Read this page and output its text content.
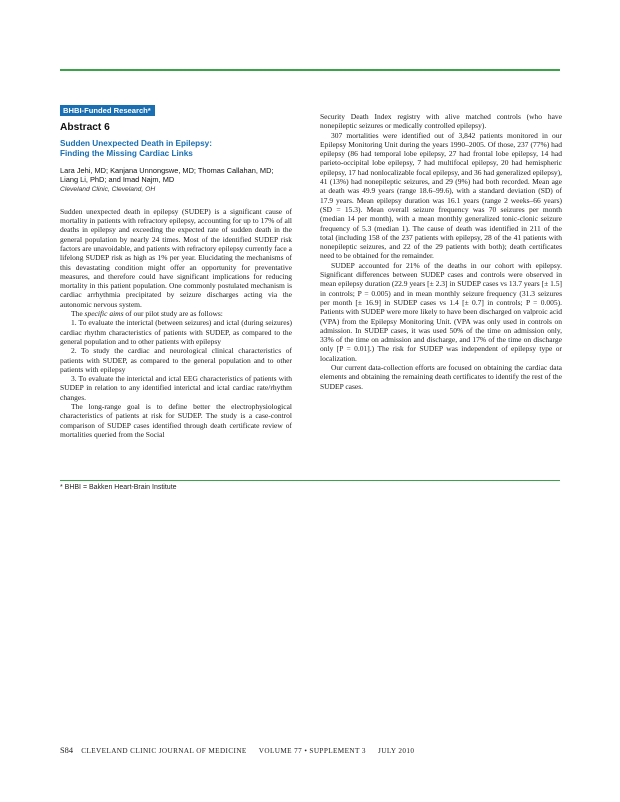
BHBI-Funded Research*
Abstract 6
Sudden Unexpected Death in Epilepsy:
Finding the Missing Cardiac Links
Lara Jehi, MD; Kanjana Unnongswe, MD; Thomas Callahan, MD;
Liang Li, PhD; and Imad Najm, MD
Cleveland Clinic, Cleveland, OH

Sudden unexpected death in epilepsy (SUDEP) is a significant cause of mortality in patients with refractory epilepsy, accounting for up to 17% of all deaths in epilepsy and exceeding the expected rate of sudden death in the general population by nearly 24 times. Most of the identified SUDEP risk factors are unavoidable, and patients with refractory epilepsy currently face a lifelong SUDEP risk as high as 1% per year. Elucidating the mechanisms of this devastating condition might offer an opportunity for preventative measures, and therefore could have significant implications for reducing mortality in this patient population. One commonly postulated mechanism is cardiac arrhythmia precipitated by seizure discharges acting via the autonomic nervous system.

The specific aims of our pilot study are as follows:

1. To evaluate the interictal (between seizures) and ictal (during seizures) cardiac rhythm characteristics of patients with SUDEP, as compared to the general population and to other patients with epilepsy

2. To study the cardiac and neurological clinical characteristics of patients with SUDEP, as compared to the general population and to other patients with epilepsy

3. To evaluate the interictal and ictal EEG characteristics of patients with SUDEP in relation to any identified interictal and ictal cardiac rate/rhythm changes.

The long-range goal is to define better the electrophysiological characteristics of patients at risk for SUDEP. The study is a case-control comparison of SUDEP cases identified through death certificate review of mortalities queried from the Social

Security Death Index registry with alive matched controls (who have nonepileptic seizures or medically controlled epilepsy).

307 mortalities were identified out of 3,842 patients monitored in our Epilepsy Monitoring Unit during the years 1990–2005. Of those, 237 (77%) had epilepsy (86 had temporal lobe epilepsy, 27 had frontal lobe epilepsy, 14 had parieto-occipital lobe epilepsy, 7 had multifocal epilepsy, 20 had hemispheric epilepsy, 17 had nonlocalizable focal epilepsy, and 36 had generalized epilepsy), 41 (13%) had nonepileptic seizures, and 29 (9%) had both recorded. Mean age at death was 49.9 years (range 18.6–99.6), with a standard deviation (SD) of 17.9 years. Mean epilepsy duration was 16.1 years (range 2 weeks–66 years) (SD = 15.3). Mean overall seizure frequency was 70 seizures per month (median 14 per month), with a mean monthly generalized tonic-clonic seizure frequency of 5.3 (median 1). The cause of death was identified in 211 of the total (including 158 of the 237 patients with epilepsy, 28 of the 41 patients with nonepileptic seizures, and 22 of the 29 patients with both); death certificates need to be obtained for the remainder.

SUDEP accounted for 21% of the deaths in our cohort with epilepsy. Significant differences between SUDEP cases and controls were observed in mean epilepsy duration (22.9 years [± 2.3] in SUDEP cases vs 13.7 years [± 1.5] in controls; P = 0.005) and in mean monthly seizure frequency (31.3 seizures per month [± 16.9] in SUDEP cases vs 1.4 [± 0.7] in controls; P = 0.005). Patients with SUDEP were more likely to have been discharged on valproic acid (VPA) from the Epilepsy Monitoring Unit. (VPA was only used in controls on admission. In SUDEP cases, it was used 50% of the time on admission only, 33% of the time on admission and discharge, and 17% of the time on discharge only [P = 0.01].) The risk for SUDEP was independent of epilepsy type or localization.

Our current data-collection efforts are focused on obtaining the cardiac data elements and obtaining the remaining death certificates to identify the rest of the SUDEP cases.

* BHBI = Bakken Heart-Brain Institute
S84 CLEVELAND CLINIC JOURNAL OF MEDICINE VOLUME 77 • SUPPLEMENT 3 JULY 2010
